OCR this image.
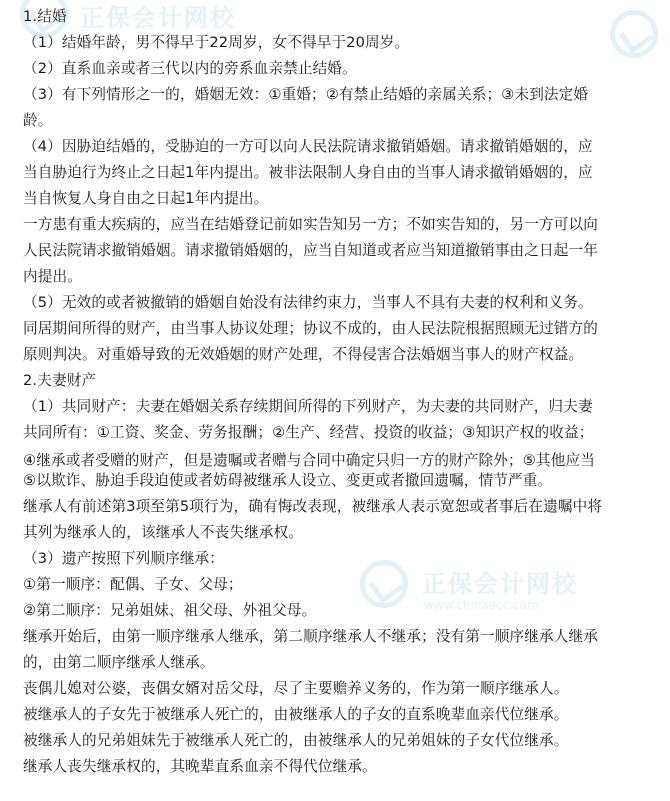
正保会计网校
正保会计网校
www.chinaacc.com
1.结婚
（1）结婚年龄，男不得早于22周岁，女不得早于20周岁。
（2）直系血亲或者三代以内的旁系血亲禁止结婚。
（3）有下列情形之一的，婚姻无效：①重婚；②有禁止结婚的亲属关系；③未到法定婚
龄。
（4）因胁迫结婚的，受胁迫的一方可以向人民法院请求撤销婚姻。请求撤销婚姻的，应
当自胁迫行为终止之日起1年内提出。被非法限制人身自由的当事人请求撤销婚姻的，应
当自恢复人身自由之日起1年内提出。
一方患有重大疾病的，应当在结婚登记前如实告知另一方；不如实告知的，另一方可以向
人民法院请求撤销婚姻。请求撤销婚姻的，应当自知道或者应当知道撤销事由之日起一年
内提出。
（5）无效的或者被撤销的婚姻自始没有法律约束力，当事人不具有夫妻的权利和义务。
同居期间所得的财产，由当事人协议处理；协议不成的，由人民法院根据照顾无过错方的
原则判决。对重婚导致的无效婚姻的财产处理，不得侵害合法婚姻当事人的财产权益。
2.夫妻财产
（1）共同财产：夫妻在婚姻关系存续期间所得的下列财产，为夫妻的共同财产，归夫妻
共同所有：①工资、奖金、劳务报酬；②生产、经营、投资的收益；③知识产权的收益；
④继承或者受赠的财产，但是遗嘱或者赠与合同中确定只归一方的财产除外；⑤其他应当
⑤以欺诈、胁迫手段迫使或者妨碍被继承人设立、变更或者撤回遗嘱，情节严重。
继承人有前述第3项至第5项行为，确有悔改表现，被继承人表示宽恕或者事后在遗嘱中将
其列为继承人的，该继承人不丧失继承权。
（3）遗产按照下列顺序继承：
①第一顺序：配偶、子女、父母；
②第二顺序：兄弟姐妹、祖父母、外祖父母。
继承开始后，由第一顺序继承人继承，第二顺序继承人不继承；没有第一顺序继承人继承
的，由第二顺序继承人继承。
丧偶儿媳对公婆，丧偶女婿对岳父母，尽了主要赡养义务的，作为第一顺序继承人。
被继承人的子女先于被继承人死亡的，由被继承人的子女的直系晚辈血亲代位继承。
被继承人的兄弟姐妹先于被继承人死亡的，由被继承人的兄弟姐妹的子女代位继承。
继承人丧失继承权的，其晚辈直系血亲不得代位继承。
